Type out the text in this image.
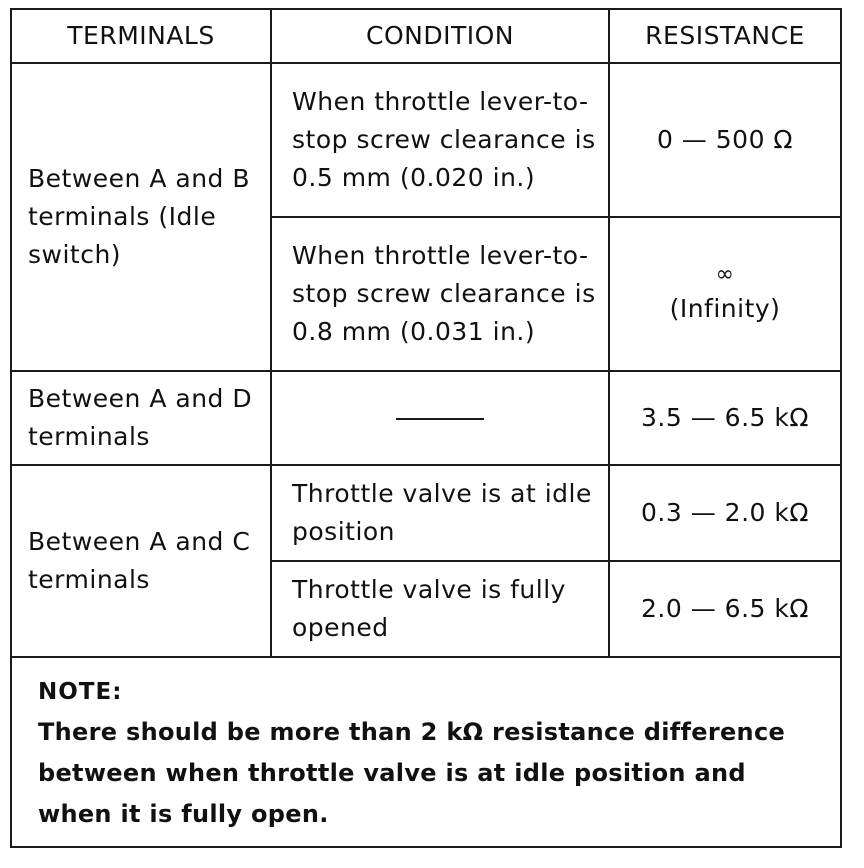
TERMINALS	CONDITION	RESISTANCE
Between A and B terminals (Idle switch)	When throttle lever-to-stop screw clearance is 0.5 mm (0.020 in.)	0 — 500 Ω
	When throttle lever-to-stop screw clearance is 0.8 mm (0.031 in.)	∞
(Infinity)
Between A and D terminals		3.5 — 6.5 kΩ
Between A and C terminals	Throttle valve is at idle position	0.3 — 2.0 kΩ
	Throttle valve is fully opened	2.0 — 6.5 kΩ

NOTE:
There should be more than 2 kΩ resistance difference between when throttle valve is at idle position and when it is fully open.		
